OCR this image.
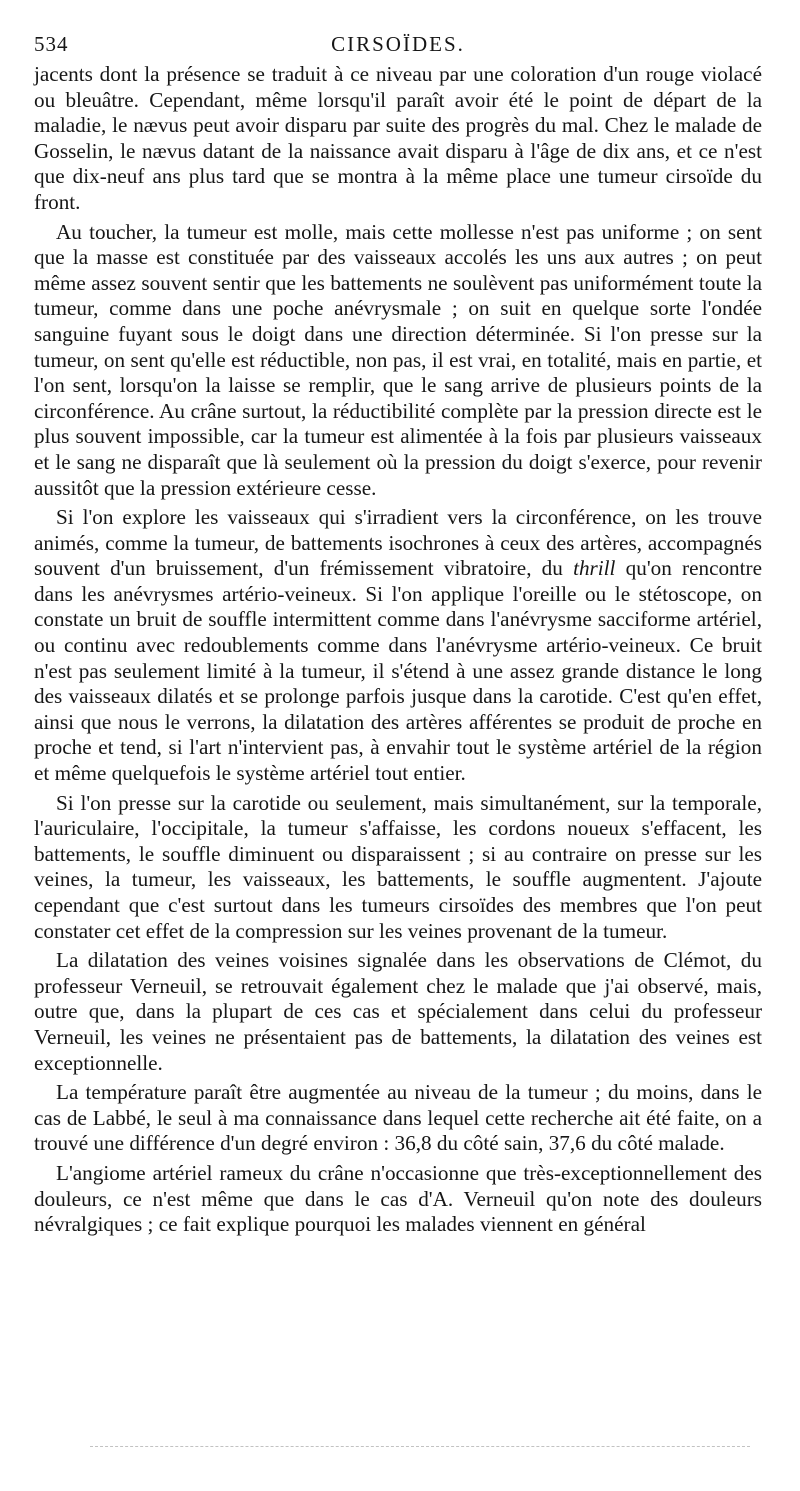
534	CIRSOÏDES.

jacents dont la présence se traduit à ce niveau par une coloration d'un rouge violacé ou bleuâtre. Cependant, même lorsqu'il paraît avoir été le point de départ de la maladie, le nævus peut avoir disparu par suite des progrès du mal. Chez le malade de Gosselin, le nævus datant de la naissance avait disparu à l'âge de dix ans, et ce n'est que dix-neuf ans plus tard que se montra à la même place une tumeur cirsoïde du front.

Au toucher, la tumeur est molle, mais cette mollesse n'est pas uniforme ; on sent que la masse est constituée par des vaisseaux accolés les uns aux autres ; on peut même assez souvent sentir que les battements ne soulèvent pas uniformément toute la tumeur, comme dans une poche anévrysmale ; on suit en quelque sorte l'ondée sanguine fuyant sous le doigt dans une direction déterminée. Si l'on presse sur la tumeur, on sent qu'elle est réductible, non pas, il est vrai, en totalité, mais en partie, et l'on sent, lorsqu'on la laisse se remplir, que le sang arrive de plusieurs points de la circonférence. Au crâne surtout, la réductibilité complète par la pression directe est le plus souvent impossible, car la tumeur est alimentée à la fois par plusieurs vaisseaux et le sang ne disparaît que là seulement où la pression du doigt s'exerce, pour revenir aussitôt que la pression extérieure cesse.

Si l'on explore les vaisseaux qui s'irradient vers la circonférence, on les trouve animés, comme la tumeur, de battements isochrones à ceux des artères, accompagnés souvent d'un bruissement, d'un frémissement vibratoire, du thrill qu'on rencontre dans les anévrysmes artério-veineux. Si l'on applique l'oreille ou le stétoscope, on constate un bruit de souffle intermittent comme dans l'anévrysme sacciforme artériel, ou continu avec redoublements comme dans l'anévrysme artério-veineux. Ce bruit n'est pas seulement limité à la tumeur, il s'étend à une assez grande distance le long des vaisseaux dilatés et se prolonge parfois jusque dans la carotide. C'est qu'en effet, ainsi que nous le verrons, la dilatation des artères afférentes se produit de proche en proche et tend, si l'art n'intervient pas, à envahir tout le système artériel de la région et même quelquefois le système artériel tout entier.

Si l'on presse sur la carotide ou seulement, mais simultanément, sur la temporale, l'auriculaire, l'occipitale, la tumeur s'affaisse, les cordons noueux s'effacent, les battements, le souffle diminuent ou disparaissent ; si au contraire on presse sur les veines, la tumeur, les vaisseaux, les battements, le souffle augmentent. J'ajoute cependant que c'est surtout dans les tumeurs cirsoïdes des membres que l'on peut constater cet effet de la compression sur les veines provenant de la tumeur.

La dilatation des veines voisines signalée dans les observations de Clémot, du professeur Verneuil, se retrouvait également chez le malade que j'ai observé, mais, outre que, dans la plupart de ces cas et spécialement dans celui du professeur Verneuil, les veines ne présentaient pas de battements, la dilatation des veines est exceptionnelle.

La température paraît être augmentée au niveau de la tumeur ; du moins, dans le cas de Labbé, le seul à ma connaissance dans lequel cette recherche ait été faite, on a trouvé une différence d'un degré environ : 36,8 du côté sain, 37,6 du côté malade.

L'angiome artériel rameux du crâne n'occasionne que très-exceptionnellement des douleurs, ce n'est même que dans le cas d'A. Verneuil qu'on note des douleurs névralgiques ; ce fait explique pourquoi les malades viennent en général
